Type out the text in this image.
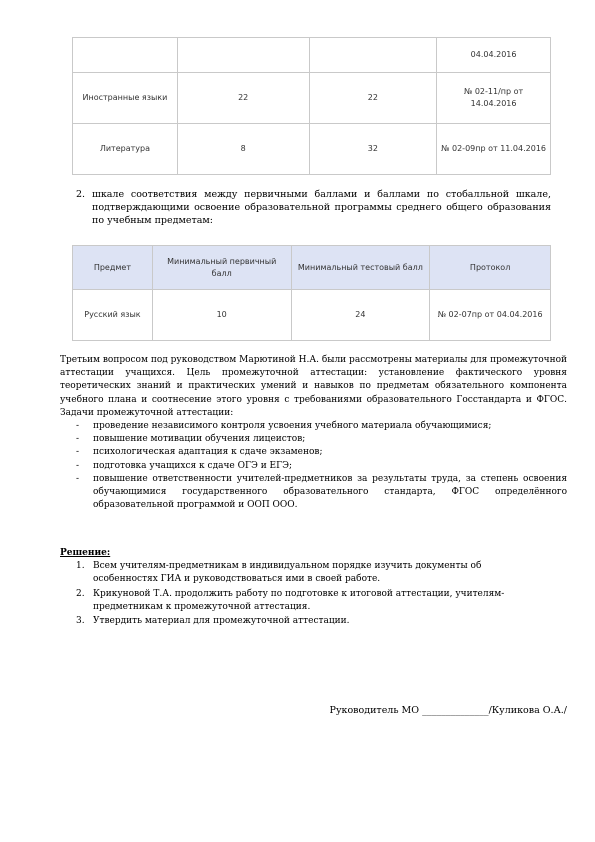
			04.04.2016
Иностранные языки	22	22	№ 02-11/пр от 14.04.2016
Литература	8	32	№ 02-09пр от 11.04.2016
2. шкале соответствия между первичными баллами и баллами по стобалльной шкале, подтверждающими освоение образовательной программы среднего общего образования по учебным предметам:
Предмет	Минимальный первичный балл	Минимальный тестовый балл	Протокол
Русский язык	10	24	№ 02-07пр от 04.04.2016
Третьим вопросом под руководством Марютиной Н.А. были рассмотрены материалы для промежуточной аттестации учащихся. Цель промежуточной аттестации: установление фактического уровня теоретических знаний и практических умений и навыков по предметам обязательного компонента учебного плана и соотнесение этого уровня с требованиями образовательного Госстандарта и ФГОС. Задачи промежуточной аттестации:
- проведение независимого контроля усвоения учебного материала обучающимися;
- повышение мотивации обучения лицеистов;
- психологическая адаптация к сдаче экзаменов;
- подготовка учащихся к сдаче ОГЭ и ЕГЭ;
- повышение ответственности учителей-предметников за результаты труда, за степень освоения обучающимися государственного образовательного стандарта, ФГОС определённого образовательной программой и ООП ООО.
Решение:
1. Всем учителям-предметникам в индивидуальном порядке изучить документы об особенностях ГИА и руководствоваться ими в своей работе.
2. Крикуновой Т.А. продолжить работу по подготовке к итоговой аттестации, учителям-предметникам к промежуточной аттестация.
3. Утвердить материал для промежуточной аттестации.
Руководитель МО ______________/Куликова О.А./
